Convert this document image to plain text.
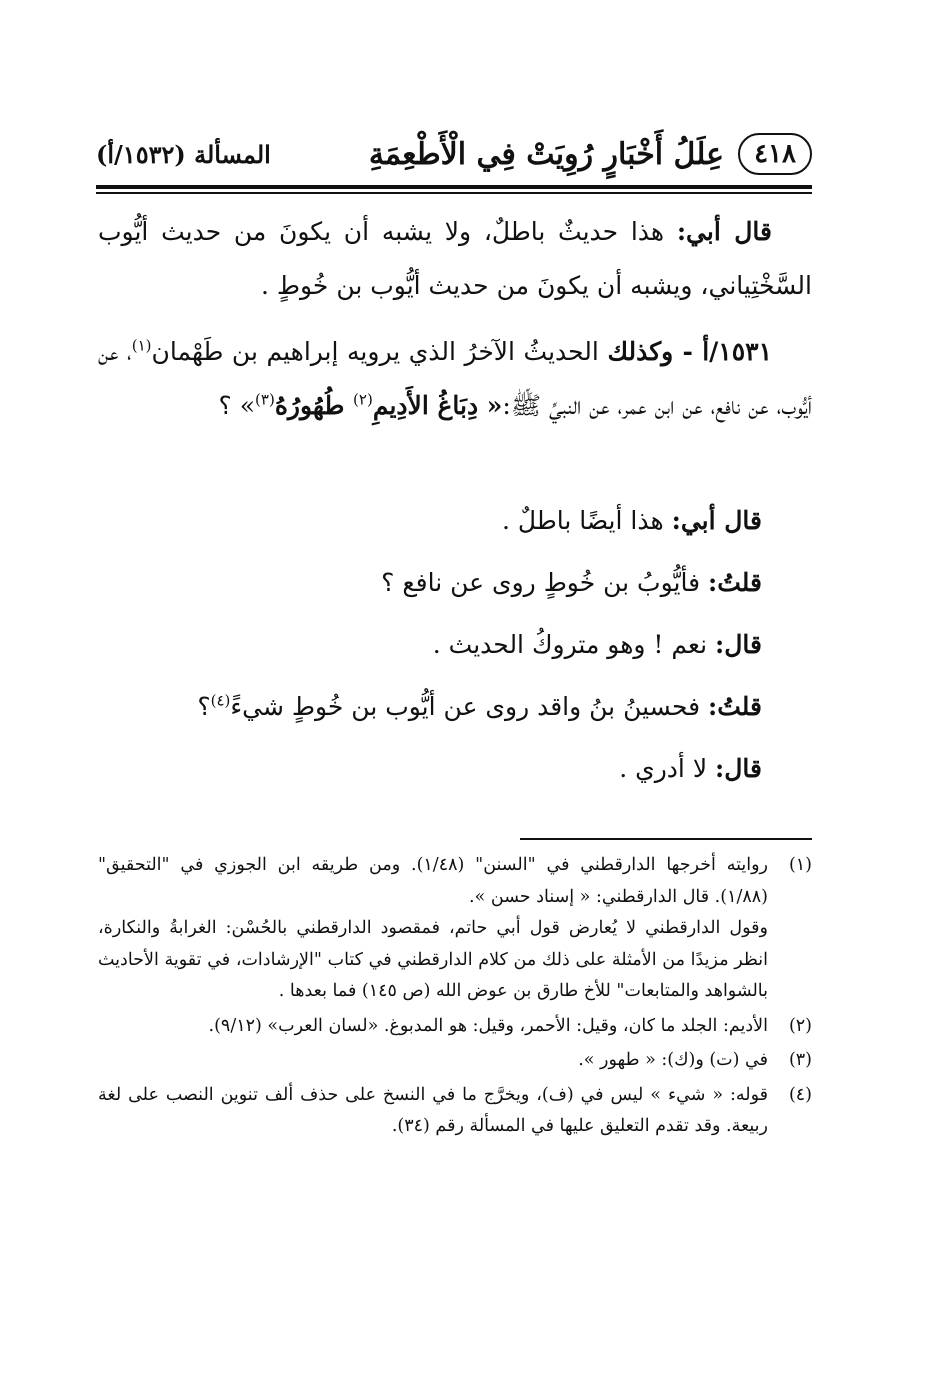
٤١٨
عِلَلُ أَخْبَارٍ رُوِيَتْ فِي الْأَطْعِمَةِ
المسألة (١٥٣٢/أ)

قال أبي: هذا حديثٌ باطلٌ، ولا يشبه أن يكونَ من حديث أيُّوب السَّخْتِياني، ويشبه أن يكونَ من حديث أيُّوب بن خُوطٍ .

١٥٣١/أ - وكذلك الحديثُ الآخرُ الذي يرويه إبراهيم بن طَهْمان$^{(١)}$، عن أيُّوب، عن نافع، عن ابن عمر، عن النبيِّ ﷺ:« دِبَاغُ الأَدِيمِ$^{(٢)}$ طُهُورُهُ$^{(٣)}$» ؟

قال أبي: هذا أيضًا باطلٌ .
قلتُ: فأيُّوبُ بن خُوطٍ روى عن نافع ؟
قال: نعم ! وهو متروكُ الحديث .
قلتُ: فحسينُ بنُ واقد روى عن أيُّوب بن خُوطٍ شيءً$^{(٤)}$؟
قال: لا أدري .
(١)

روايته أخرجها الدارقطني في "السنن" (١/٤٨). ومن طريقه ابن الجوزي في "التحقيق" (١/٨٨). قال الدارقطني: « إسناد حسن ».

وقول الدارقطني لا يُعارض قول أبي حاتم، فمقصود الدارقطني بالحُسْن: الغرابةُ والنكارة، انظر مزيدًا من الأمثلة على ذلك من كلام الدارقطني في كتاب "الإرشادات، في تقوية الأحاديث بالشواهد والمتابعات" للأخ طارق بن عوض الله (ص ١٤٥) فما بعدها .

(٢)

الأديم: الجلد ما كان، وقيل: الأحمر، وقيل: هو المدبوغ. «لسان العرب» (٩/١٢).

(٣)

في (ت) و(ك): « طهور ».

(٤)

قوله: « شيء » ليس في (ف)، ويخرَّج ما في النسخ على حذف ألف تنوين النصب على لغة ربيعة. وقد تقدم التعليق عليها في المسألة رقم (٣٤).
